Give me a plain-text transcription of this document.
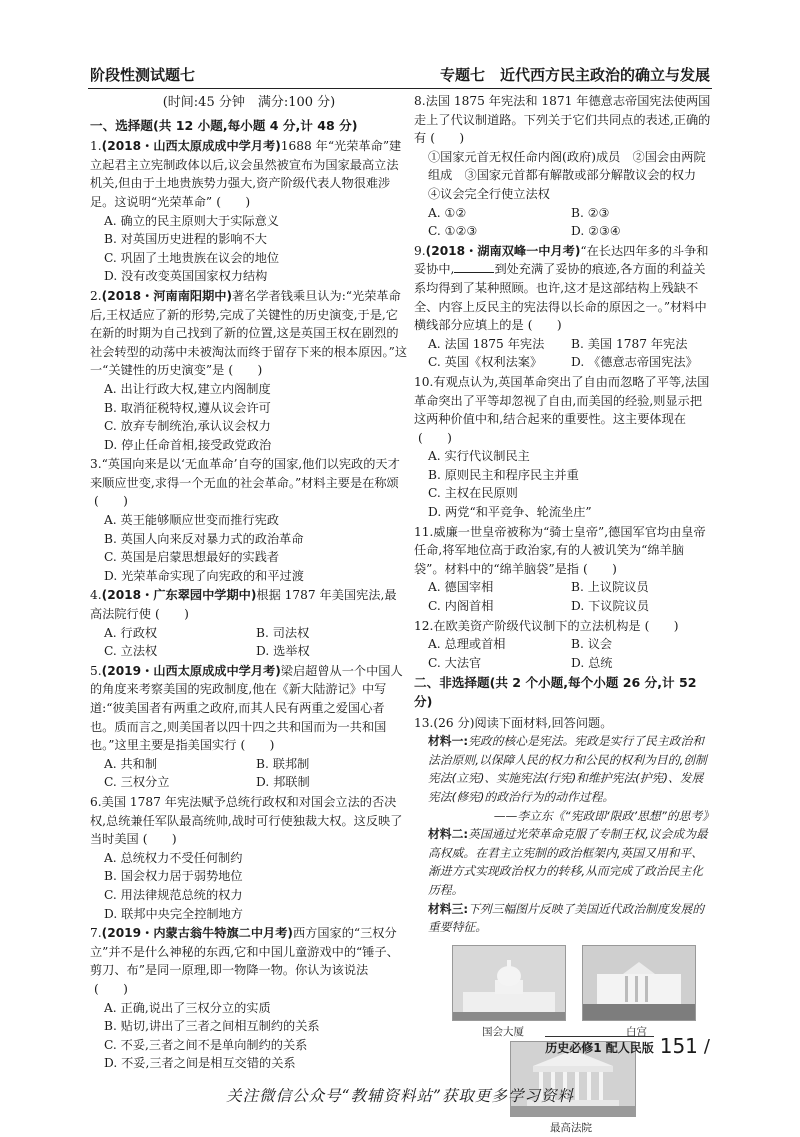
阶段性测试题七	专题七　近代西方民主政治的确立与发展
(时间:45 分钟　满分:100 分)
一、选择题(共 12 小题,每小题 4 分,计 48 分)
1.(2018・山西太原成成中学月考)1688 年“光荣革命”建立起君主立宪制政体以后,议会虽然被宣布为国家最高立法机关,但由于土地贵族势力强大,资产阶级代表人物很难涉足。这说明“光荣革命” (　　)
A. 确立的民主原则大于实际意义
B. 对英国历史进程的影响不大
C. 巩固了土地贵族在议会的地位
D. 没有改变英国国家权力结构
2.(2018・河南南阳期中)著名学者钱乘旦认为:“光荣革命后,王权适应了新的形势,完成了关键性的历史演变,于是,它在新的时期为自己找到了新的位置,这是英国王权在剧烈的社会转型的动荡中未被淘汰而终于留存下来的根本原因。”这一“关键性的历史演变”是 (　　)
A. 出让行政大权,建立内阁制度
B. 取消征税特权,遵从议会许可
C. 放弃专制统治,承认议会权力
D. 停止任命首相,接受政党政治
3.“英国向来是以‘无血革命’自夸的国家,他们以宪政的天才来顺应世变,求得一个无血的社会革命。”材料主要是在称颂(　　)
A. 英王能够顺应世变而推行宪政
B. 英国人向来反对暴力式的政治革命
C. 英国是启蒙思想最好的实践者
D. 光荣革命实现了向宪政的和平过渡
4.(2018・广东翠园中学期中)根据 1787 年美国宪法,最高法院行使 (　　)
A. 行政权	B. 司法权
C. 立法权	D. 选举权
5.(2019・山西太原成成中学月考)梁启超曾从一个中国人的角度来考察美国的宪政制度,他在《新大陆游记》中写道:“彼美国者有两重之政府,而其人民有两重之爱国心者也。质而言之,则美国者以四十四之共和国而为一共和国也。”这里主要是指美国实行 (　　)
A. 共和制	B. 联邦制
C. 三权分立	D. 邦联制
6.美国 1787 年宪法赋予总统行政权和对国会立法的否决权,总统兼任军队最高统帅,战时可行使独裁大权。这反映了当时美国 (　　)
A. 总统权力不受任何制约
B. 国会权力居于弱势地位
C. 用法律规范总统的权力
D. 联邦中央完全控制地方
7.(2019・内蒙古翁牛特旗二中月考)西方国家的“三权分立”并不是什么神秘的东西,它和中国儿童游戏中的“锤子、剪刀、布”是同一原理,即一物降一物。你认为该说法(　　)
A. 正确,说出了三权分立的实质
B. 贴切,讲出了三者之间相互制约的关系
C. 不妥,三者之间不是单向制约的关系
D. 不妥,三者之间是相互交错的关系
8.法国 1875 年宪法和 1871 年德意志帝国宪法使两国走上了代议制道路。下列关于它们共同点的表述,正确的有 (　　)
①国家元首无权任命内阁(政府)成员　②国会由两院组成　③国家元首都有解散或部分解散议会的权力　④议会完全行使立法权
A. ①②	B. ②③
C. ①②③	D. ②③④
9.(2018・湖南双峰一中月考)“在长达四年多的斗争和妥协中,	到处充满了妥协的痕迹,各方面的利益关系均得到了某种照顾。也许,这才是这部结构上残缺不全、内容上反民主的宪法得以长命的原因之一。”材料中横线部分应填上的是 (　　)
A. 法国 1875 年宪法	B. 美国 1787 年宪法
C. 英国《权利法案》	D. 《德意志帝国宪法》
10.有观点认为,英国革命突出了自由而忽略了平等,法国革命突出了平等却忽视了自由,而美国的经验,则显示把这两种价值中和,结合起来的重要性。这主要体现在(　　)
A. 实行代议制民主
B. 原则民主和程序民主并重
C. 主权在民原则
D. 两党“和平竞争、轮流坐庄”
11.威廉一世皇帝被称为“骑士皇帝”,德国军官均由皇帝任命,将军地位高于政治家,有的人被讥笑为“绵羊脑袋”。材料中的“绵羊脑袋”是指 (　　)
A. 德国宰相	B. 上议院议员
C. 内阁首相	D. 下议院议员
12.在欧美资产阶级代议制下的立法机构是 (　　)
A. 总理或首相	B. 议会
C. 大法官	D. 总统
二、非选择题(共 2 个小题,每个小题 26 分,计 52 分)
13.(26 分)阅读下面材料,回答问题。
材料一:宪政的核心是宪法。宪政是实行了民主政治和法治原则,以保障人民的权力和公民的权利为目的,创制宪法(立宪)、实施宪法(行宪)和维护宪法(护宪)、发展宪法(修宪)的政治行为的动作过程。
——李立东《“宪政即‘限政’思想”的思考》
材料二:英国通过光荣革命克服了专制王权,议会成为最高权威。在君主立宪制的政治框架内,英国又用和平、渐进方式实现政治权力的转移,从而完成了政治民主化历程。
材料三:下列三幅图片反映了美国近代政治制度发展的重要特征。
国会大厦	白宫
最高法院
历史必修1 配人民版 151 /
关注微信公众号“教辅资料站”获取更多学习资料
